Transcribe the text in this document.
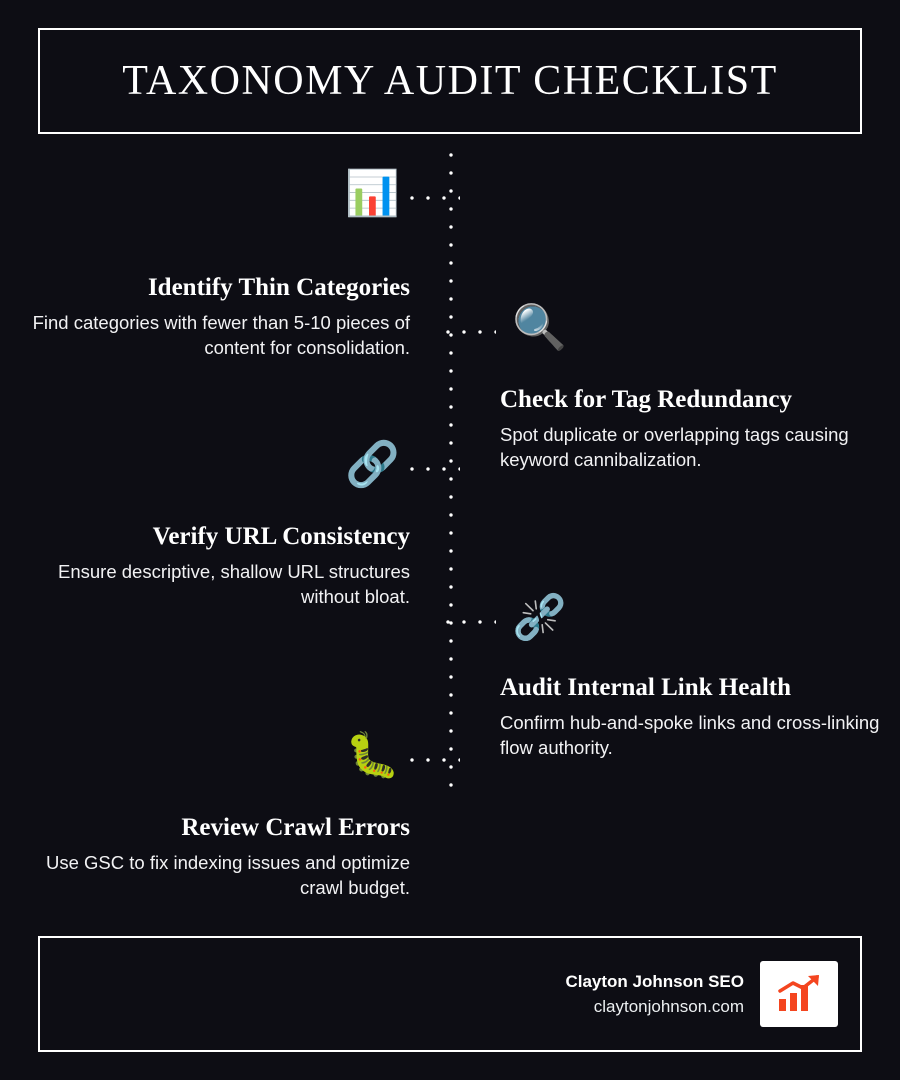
TAXONOMY AUDIT CHECKLIST
📊
Identify Thin Categories

Find categories with fewer than 5-10 pieces of content for consolidation. 🔍
Check for Tag Redundancy

Spot duplicate or overlapping tags causing keyword cannibalization.

🔗
Verify URL Consistency

Ensure descriptive, shallow URL structures without bloat. ⛓️‍💥
Audit Internal Link Health

Confirm hub-and-spoke links and cross-linking flow authority.

🐛
Review Crawl Errors

Use GSC to fix indexing issues and optimize crawl budget.

Clayton Johnson SEO
claytonjohnson.com
